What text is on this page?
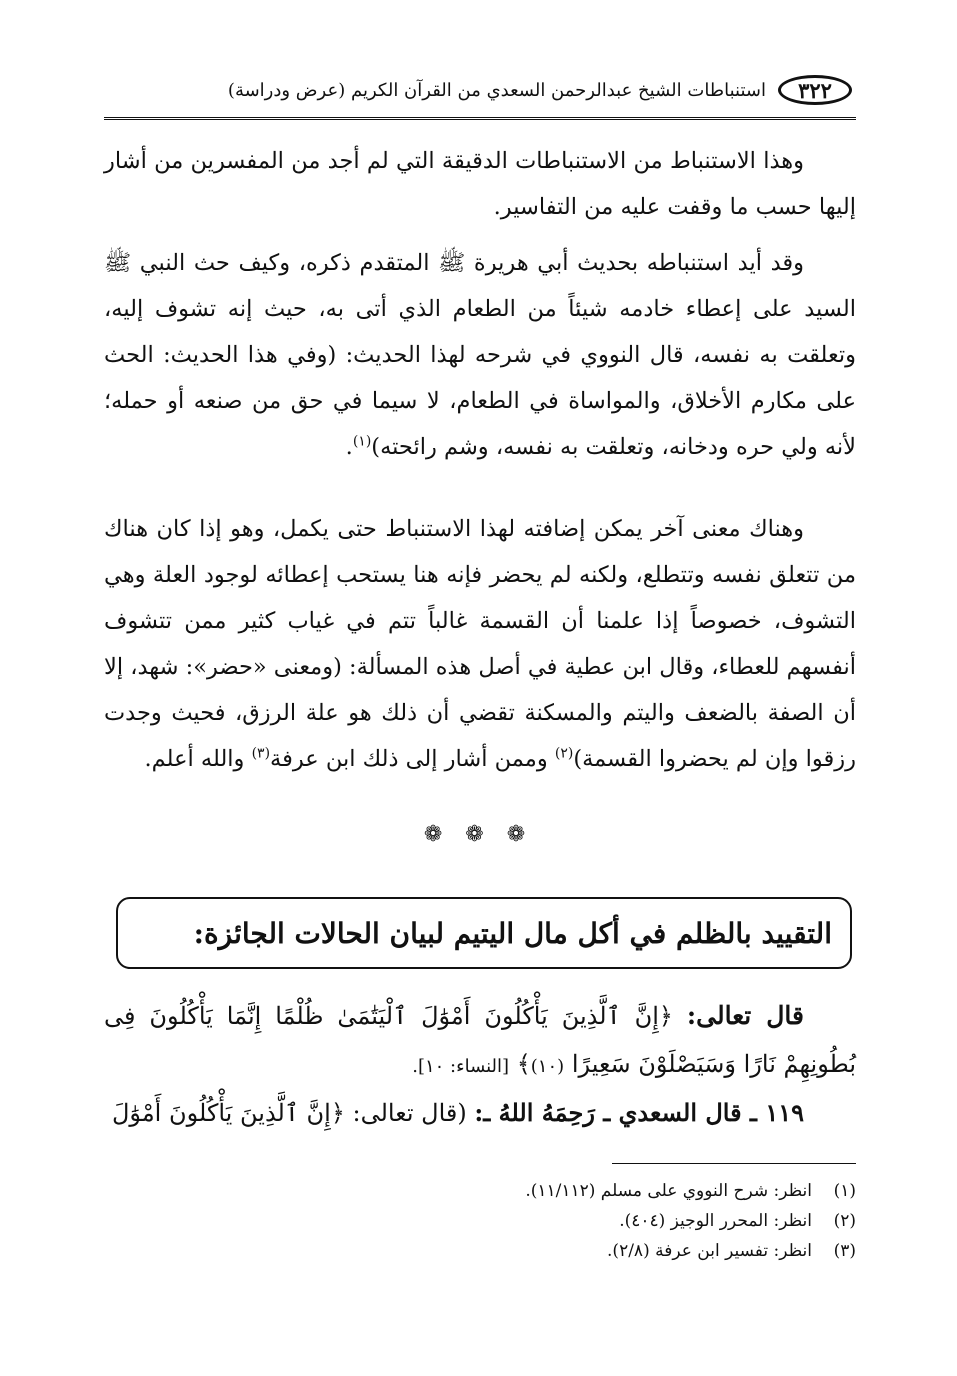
٣٢٢
استنباطات الشيخ عبدالرحمن السعدي من القرآن الكريم (عرض ودراسة)

وهذا الاستنباط من الاستنباطات الدقيقة التي لم أجد من المفسرين من أشار إليها حسب ما وقفت عليه من التفاسير.

وقد أيد استنباطه بحديث أبي هريرة ﷺ المتقدم ذكره، وكيف حث النبي ﷺ السيد على إعطاء خادمه شيئاً من الطعام الذي أتى به، حيث إنه تشوف إليه، وتعلقت به نفسه، قال النووي في شرحه لهذا الحديث: (وفي هذا الحديث: الحث على مكارم الأخلاق، والمواساة في الطعام، لا سيما في حق من صنعه أو حمله؛ لأنه ولي حره ودخانه، وتعلقت به نفسه، وشم رائحته)$^{(١)}$.

وهناك معنى آخر يمكن إضافته لهذا الاستنباط حتى يكمل، وهو إذا كان هناك من تتعلق نفسه وتتطلع، ولكنه لم يحضر فإنه هنا يستحب إعطائه لوجود العلة وهي التشوف، خصوصاً إذا علمنا أن القسمة غالباً تتم في غياب كثير ممن تتشوف أنفسهم للعطاء، وقال ابن عطية في أصل هذه المسألة: (ومعنى «حضر»: شهد، إلا أن الصفة بالضعف واليتم والمسكنة تقضي أن ذلك هو علة الرزق، فحيث وجدت رزقوا وإن لم يحضروا القسمة)$^{(٢)}$ وممن أشار إلى ذلك ابن عرفة$^{(٣)}$ والله أعلم.

❁ ❁ ❁
التقييد بالظلم في أكل مال اليتيم لبيان الحالات الجائزة:

قال تعالى: ﴿إِنَّ ٱلَّذِينَ يَأْكُلُونَ أَمْوَٰلَ ٱلْيَتَٰمَىٰ ظُلْمًا إِنَّمَا يَأْكُلُونَ فِى بُطُونِهِمْ نَارًا وَسَيَصْلَوْنَ سَعِيرًا (١٠)﴾ [النساء: ١٠].

١١٩ ـ قال السعدي ـ رَحِمَهُ اللهُ ـ: (قال تعالى: ﴿إِنَّ ٱلَّذِينَ يَأْكُلُونَ أَمْوَٰلَ

(١)انظر: شرح النووي على مسلم (١١/١١٢).
(٢)انظر: المحرر الوجيز (٤٠٤).
(٣)انظر: تفسير ابن عرفة (٢/٨).
